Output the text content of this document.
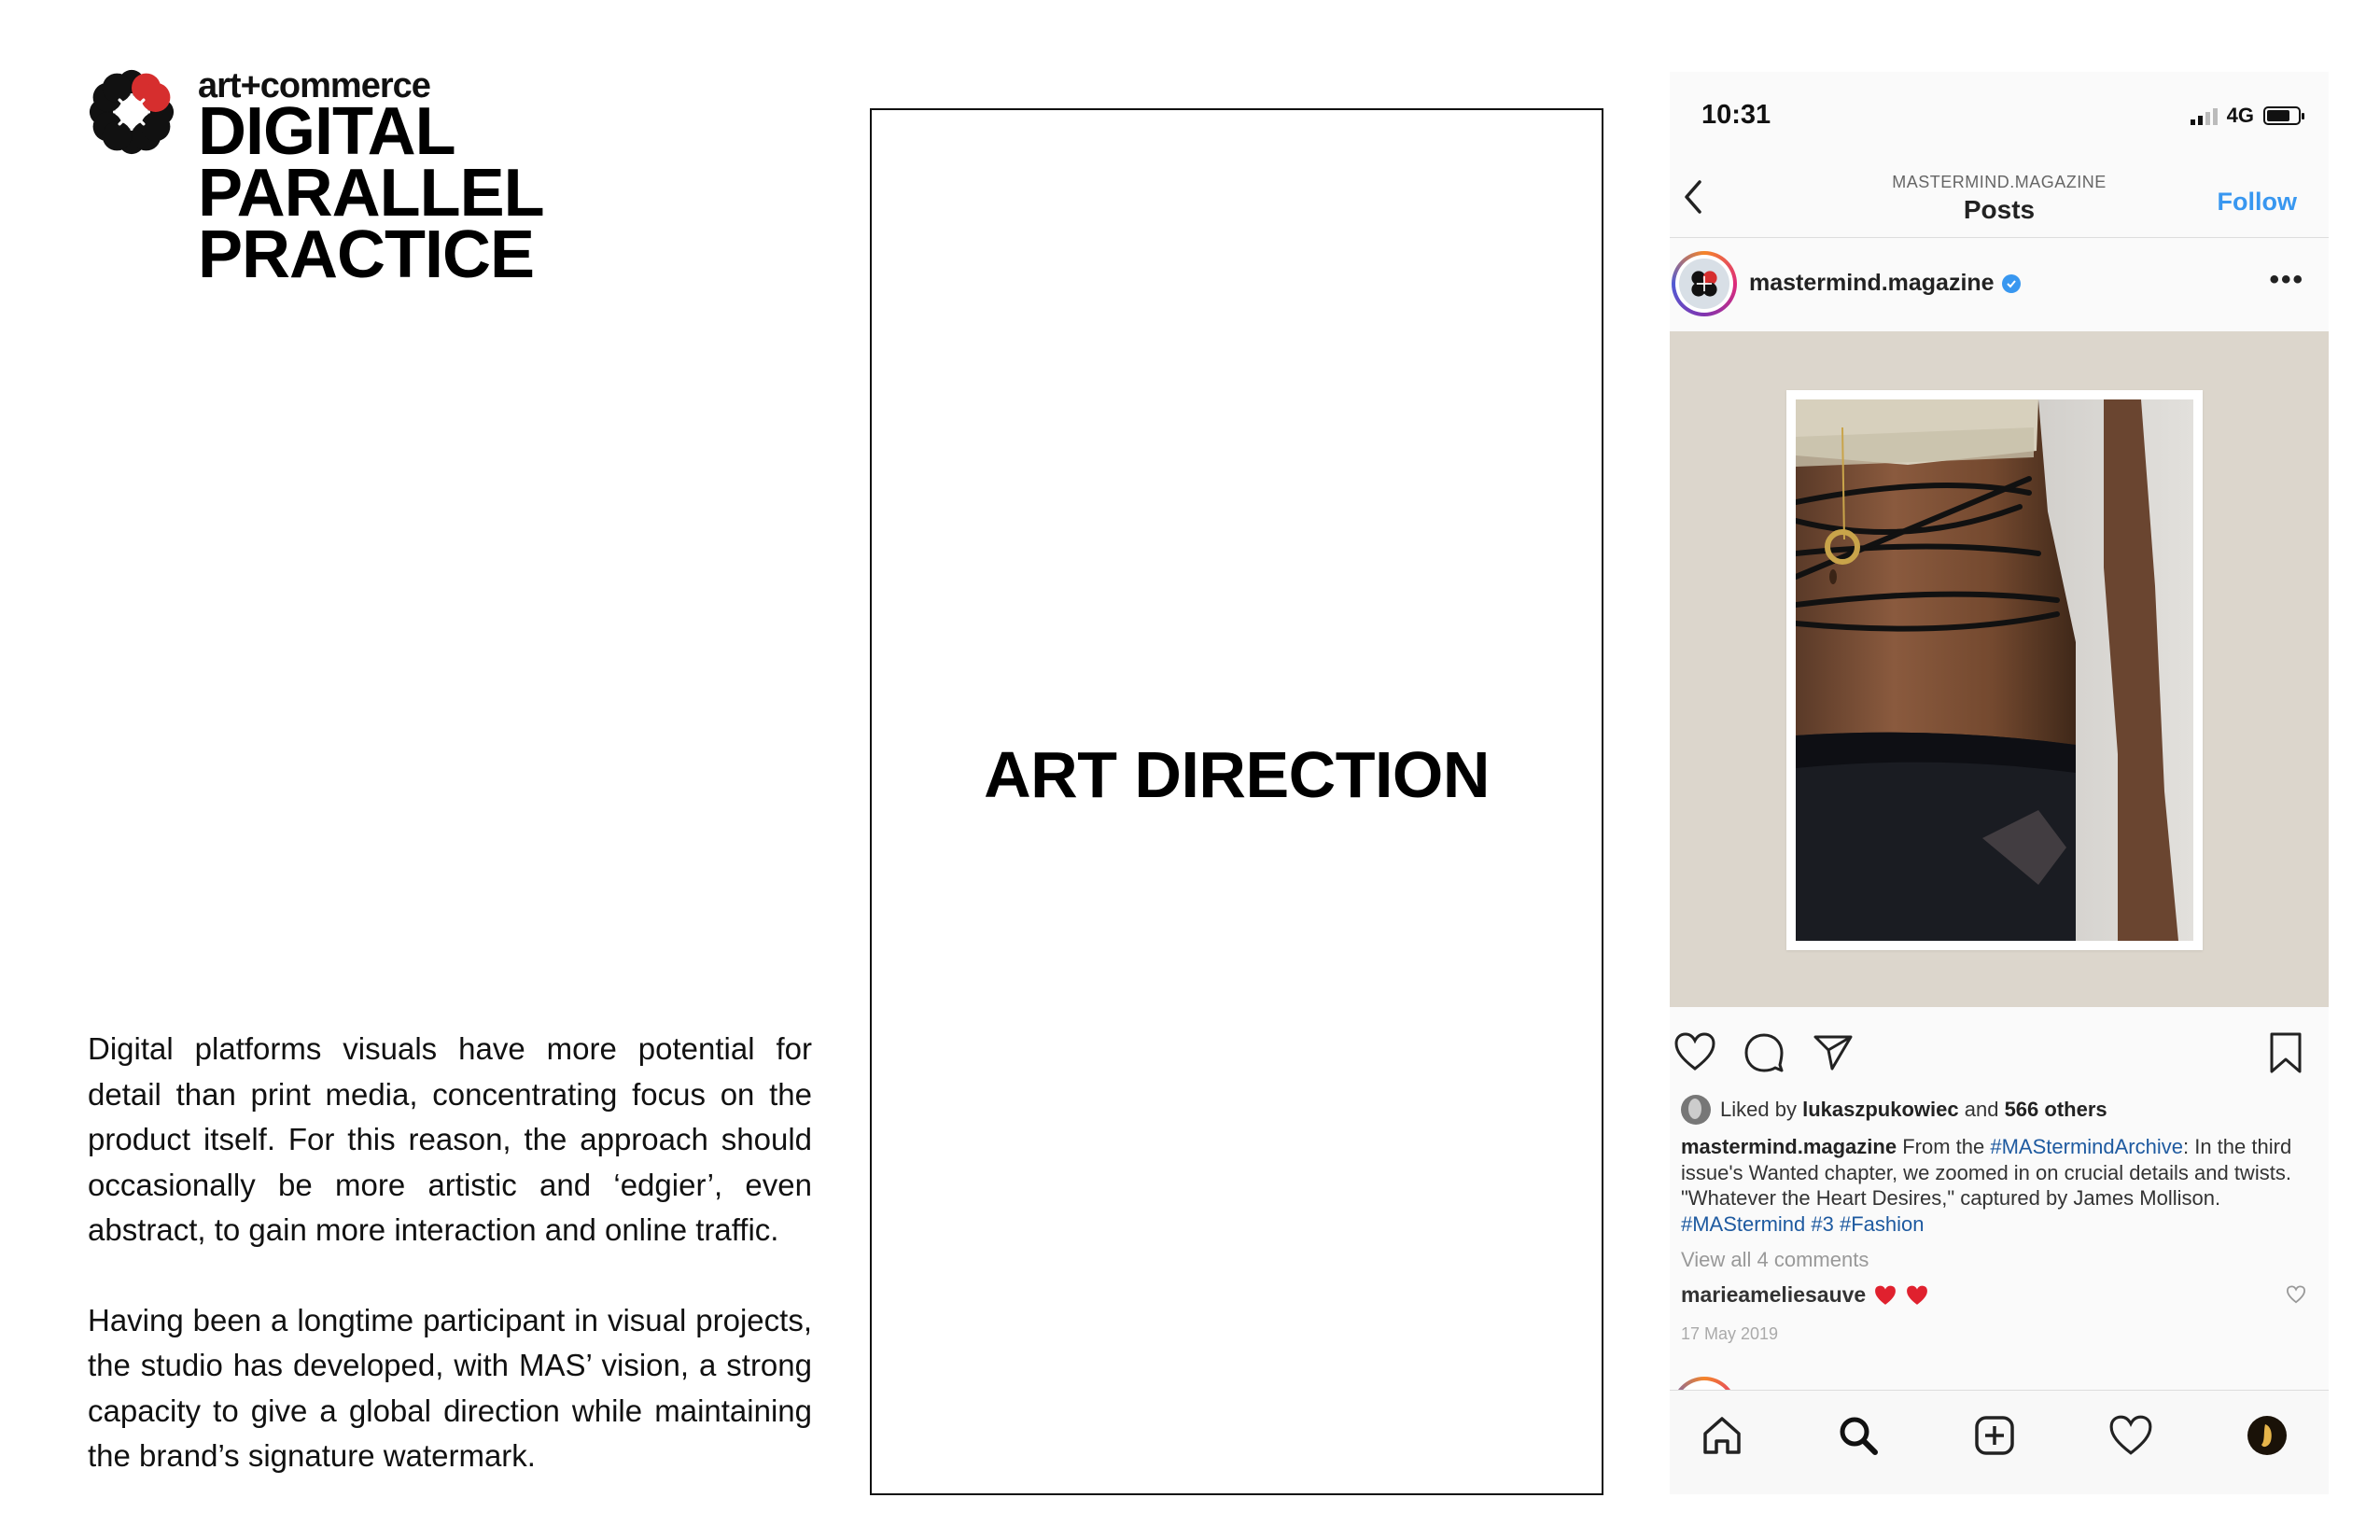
art+commerce
DIGITAL PARALLEL
PRACTICE

Digital platforms visuals have more potential for detail than print media, concentrating focus on the product itself. For this reason, the approach should occasionally be more artistic and ‘edgier’, even abstract, to gain more interaction and online traffic.

Having been a longtime participant in visual projects, the studio has developed, with MAS’ vision, a strong capacity to give a global direction while maintaining the brand’s signature watermark.

ART DIRECTION
10:31	4G
MASTERMIND.MAGAZINE
Posts	Follow
mastermind.magazine	•••
Liked by lukaszpukowiec and 566 others
mastermind.magazine From the #MAStermindArchive: In the third issue's Wanted chapter, we zoomed in on crucial details and twists. "Whatever the Heart Desires," captured by James Mollison.   #MAStermind #3 #Fashion
View all 4 comments
marieameliesauve
17 May 2019
